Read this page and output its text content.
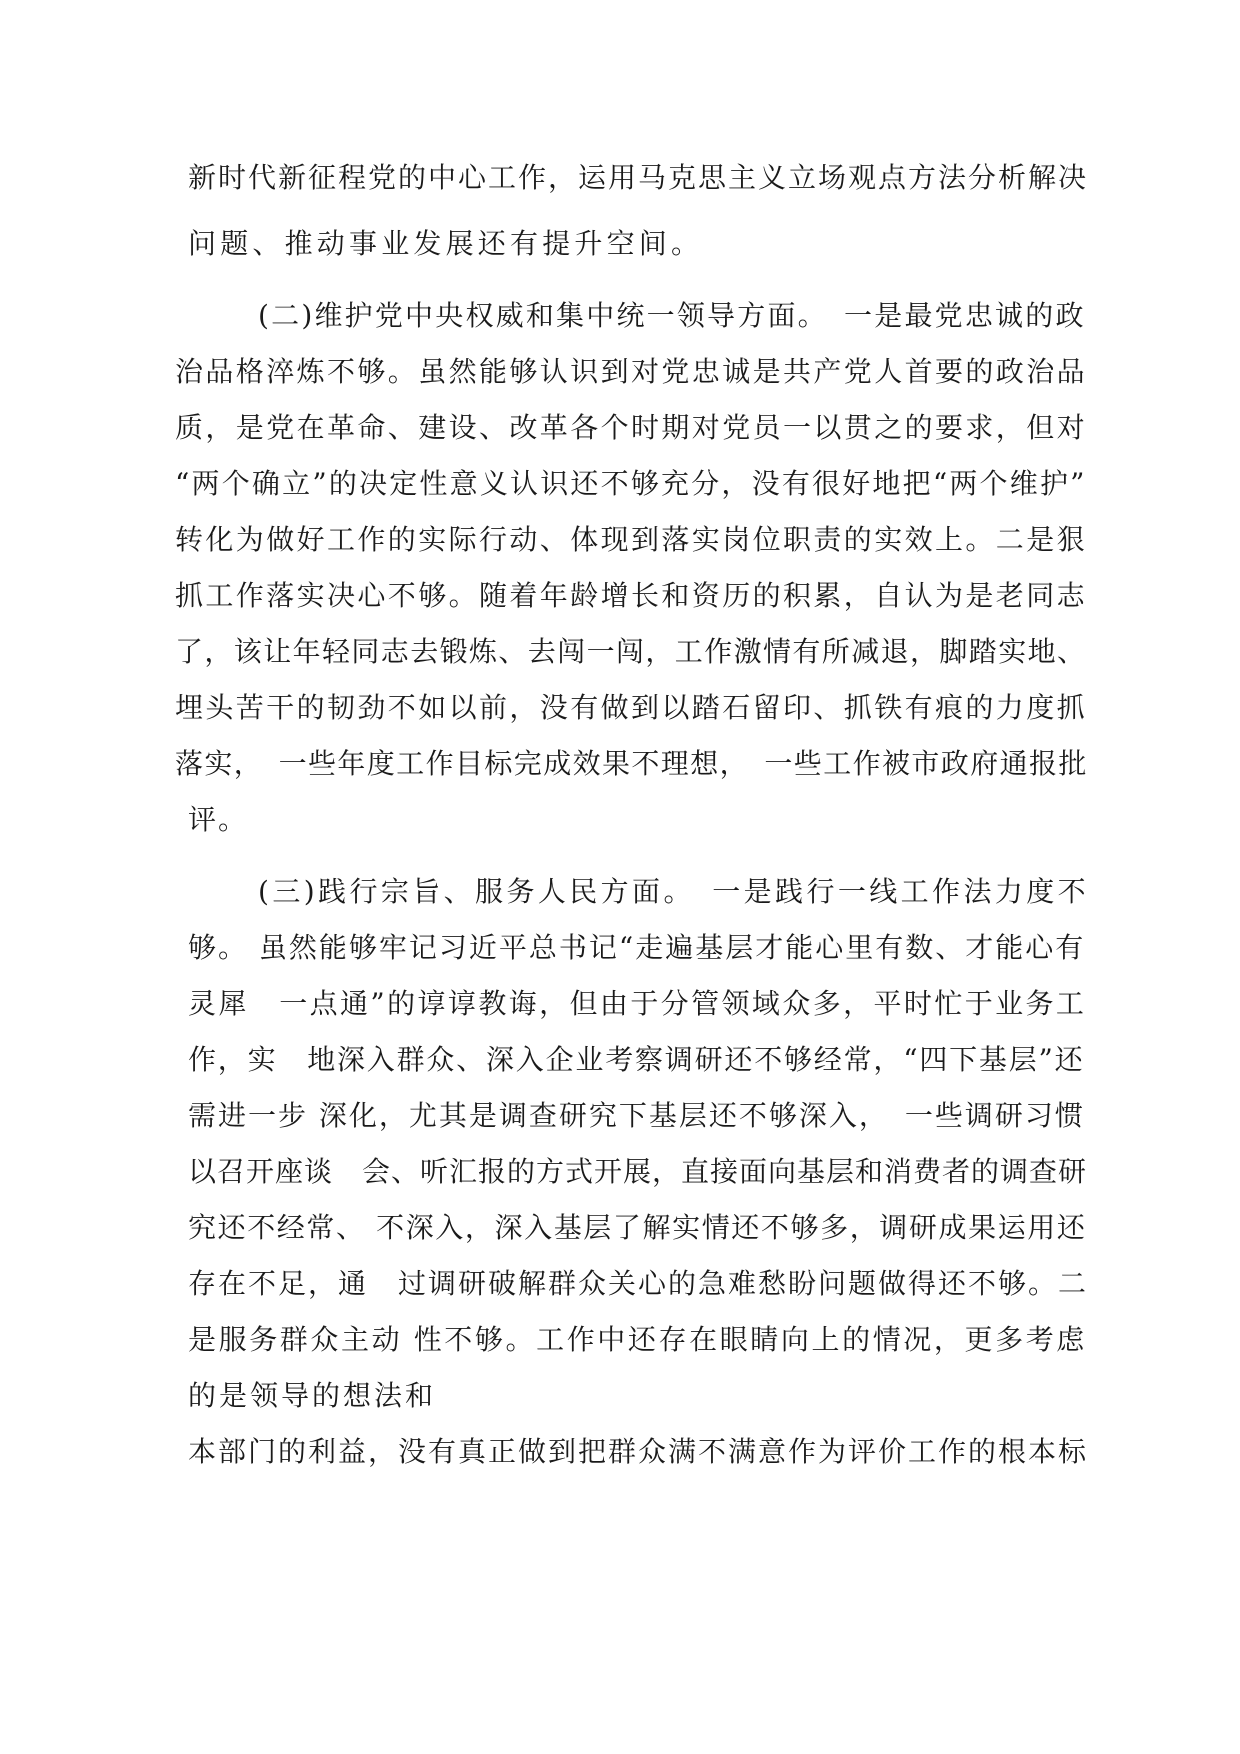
新时代新征程党的中心工作，运用马克思主义立场观点方法分析解决
问题、推动事业发展还有提升空间。
(二)维护党中央权威和集中统一领导方面。　一是最党忠诚的政
治品格淬炼不够。虽然能够认识到对党忠诚是共产党人首要的政治品
质，是党在革命、建设、改革各个时期对党员一以贯之的要求，但对
“两个确立”的决定性意义认识还不够充分，没有很好地把“两个维护”
转化为做好工作的实际行动、体现到落实岗位职责的实效上。二是狠
抓工作落实决心不够。随着年龄增长和资历的积累，自认为是老同志
了，该让年轻同志去锻炼、去闯一闯，工作激情有所减退，脚踏实地、
埋头苦干的韧劲不如以前，没有做到以踏石留印、抓铁有痕的力度抓
落实，　一些年度工作目标完成效果不理想，　一些工作被市政府通报批
评。
(三)践行宗旨、服务人民方面。　一是践行一线工作法力度不
够。 虽然能够牢记习近平总书记“走遍基层才能心里有数、才能心有
灵犀　一点通”的谆谆教诲，但由于分管领域众多，平时忙于业务工
作，实　地深入群众、深入企业考察调研还不够经常，“四下基层”还
需进一步 深化，尤其是调查研究下基层还不够深入，　一些调研习惯
以召开座谈　会、听汇报的方式开展，直接面向基层和消费者的调查研
究还不经常、 不深入，深入基层了解实情还不够多，调研成果运用还
存在不足，通　过调研破解群众关心的急难愁盼问题做得还不够。二
是服务群众主动 性不够。工作中还存在眼睛向上的情况，更多考虑
的是领导的想法和
本部门的利益，没有真正做到把群众满不满意作为评价工作的根本标
